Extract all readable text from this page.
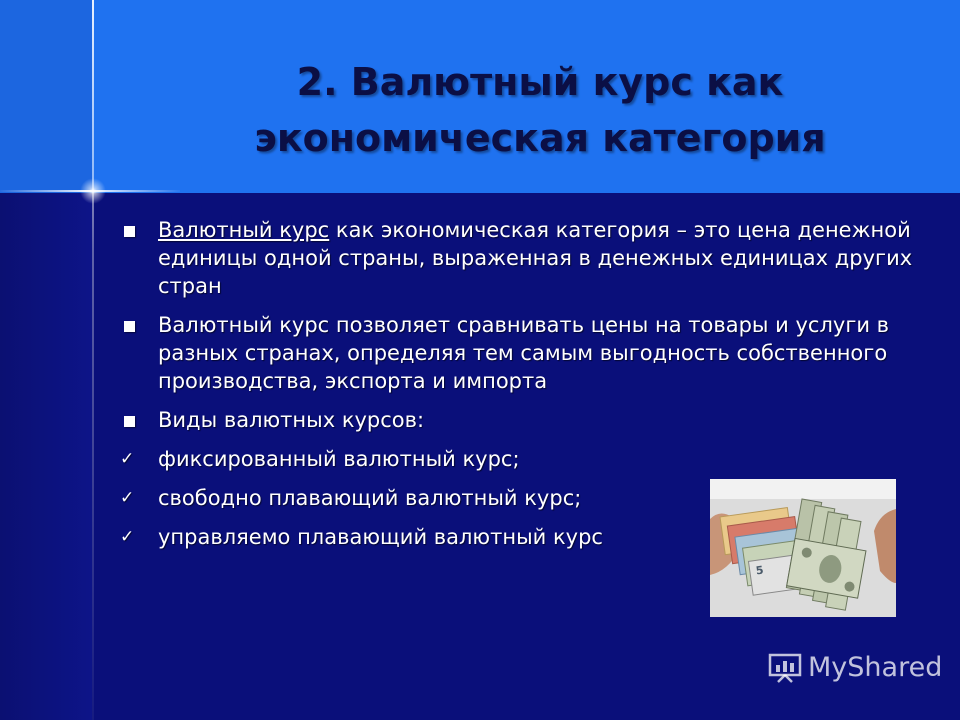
2. Валютный курс как
экономическая категория
Валютный курс как экономическая категория – это цена денежной единицы одной страны, выраженная в денежных единицах других стран
Валютный курс позволяет сравнивать цены на товары и услуги в разных странах, определяя тем самым выгодность собственного производства, экспорта и импорта
Виды валютных курсов:
✓ фиксированный валютный курс;
✓ свободно плавающий валютный курс;
✓ управляемо плавающий валютный курс
5
MyShared
